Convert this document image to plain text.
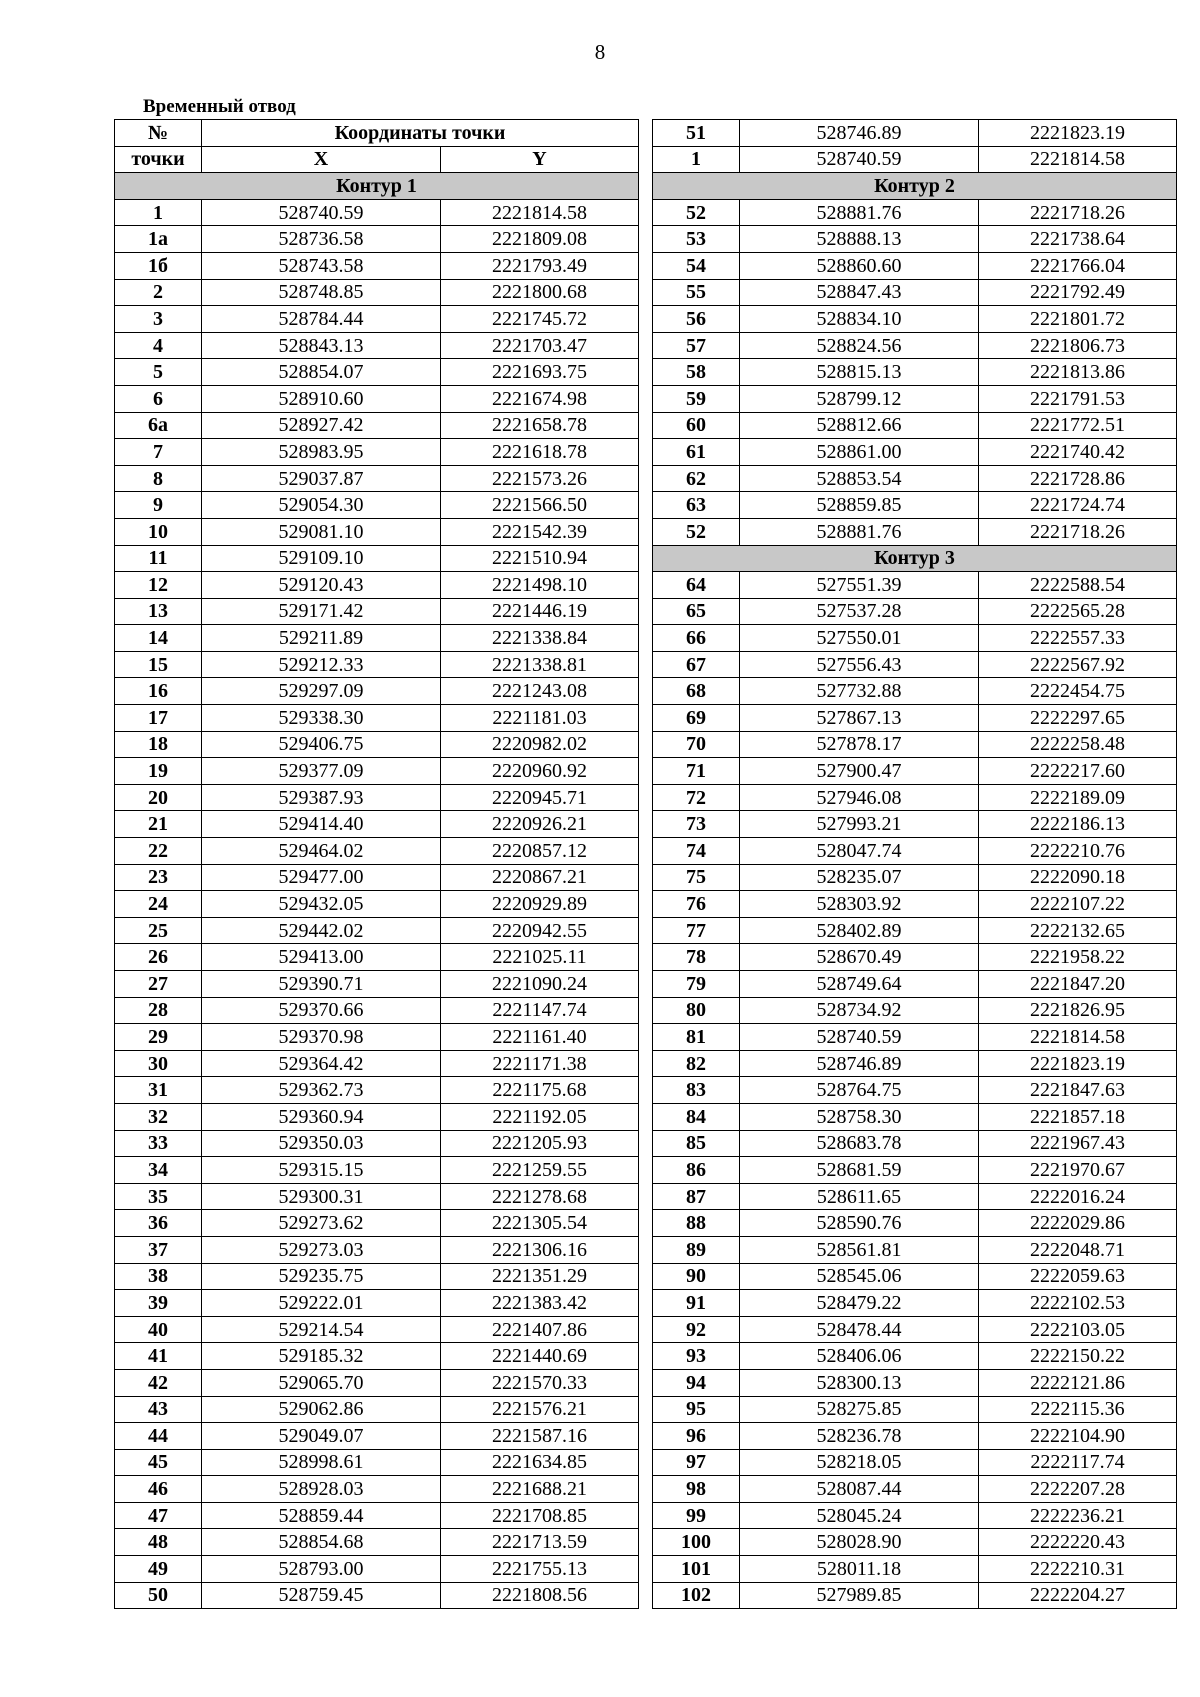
8
Временный отвод
№	Координаты точки	
точки	X	Y
Контур 1		
1	528740.59	2221814.58
1а	528736.58	2221809.08
1б	528743.58	2221793.49
2	528748.85	2221800.68
3	528784.44	2221745.72
4	528843.13	2221703.47
5	528854.07	2221693.75
6	528910.60	2221674.98
6а	528927.42	2221658.78
7	528983.95	2221618.78
8	529037.87	2221573.26
9	529054.30	2221566.50
10	529081.10	2221542.39
11	529109.10	2221510.94
12	529120.43	2221498.10
13	529171.42	2221446.19
14	529211.89	2221338.84
15	529212.33	2221338.81
16	529297.09	2221243.08
17	529338.30	2221181.03
18	529406.75	2220982.02
19	529377.09	2220960.92
20	529387.93	2220945.71
21	529414.40	2220926.21
22	529464.02	2220857.12
23	529477.00	2220867.21
24	529432.05	2220929.89
25	529442.02	2220942.55
26	529413.00	2221025.11
27	529390.71	2221090.24
28	529370.66	2221147.74
29	529370.98	2221161.40
30	529364.42	2221171.38
31	529362.73	2221175.68
32	529360.94	2221192.05
33	529350.03	2221205.93
34	529315.15	2221259.55
35	529300.31	2221278.68
36	529273.62	2221305.54
37	529273.03	2221306.16
38	529235.75	2221351.29
39	529222.01	2221383.42
40	529214.54	2221407.86
41	529185.32	2221440.69
42	529065.70	2221570.33
43	529062.86	2221576.21
44	529049.07	2221587.16
45	528998.61	2221634.85
46	528928.03	2221688.21
47	528859.44	2221708.85
48	528854.68	2221713.59
49	528793.00	2221755.13
50	528759.45	2221808.56
51	528746.89	2221823.19
1	528740.59	2221814.58
Контур 2		
52	528881.76	2221718.26
53	528888.13	2221738.64
54	528860.60	2221766.04
55	528847.43	2221792.49
56	528834.10	2221801.72
57	528824.56	2221806.73
58	528815.13	2221813.86
59	528799.12	2221791.53
60	528812.66	2221772.51
61	528861.00	2221740.42
62	528853.54	2221728.86
63	528859.85	2221724.74
52	528881.76	2221718.26
Контур 3		
64	527551.39	2222588.54
65	527537.28	2222565.28
66	527550.01	2222557.33
67	527556.43	2222567.92
68	527732.88	2222454.75
69	527867.13	2222297.65
70	527878.17	2222258.48
71	527900.47	2222217.60
72	527946.08	2222189.09
73	527993.21	2222186.13
74	528047.74	2222210.76
75	528235.07	2222090.18
76	528303.92	2222107.22
77	528402.89	2222132.65
78	528670.49	2221958.22
79	528749.64	2221847.20
80	528734.92	2221826.95
81	528740.59	2221814.58
82	528746.89	2221823.19
83	528764.75	2221847.63
84	528758.30	2221857.18
85	528683.78	2221967.43
86	528681.59	2221970.67
87	528611.65	2222016.24
88	528590.76	2222029.86
89	528561.81	2222048.71
90	528545.06	2222059.63
91	528479.22	2222102.53
92	528478.44	2222103.05
93	528406.06	2222150.22
94	528300.13	2222121.86
95	528275.85	2222115.36
96	528236.78	2222104.90
97	528218.05	2222117.74
98	528087.44	2222207.28
99	528045.24	2222236.21
100	528028.90	2222220.43
101	528011.18	2222210.31
102	527989.85	2222204.27
